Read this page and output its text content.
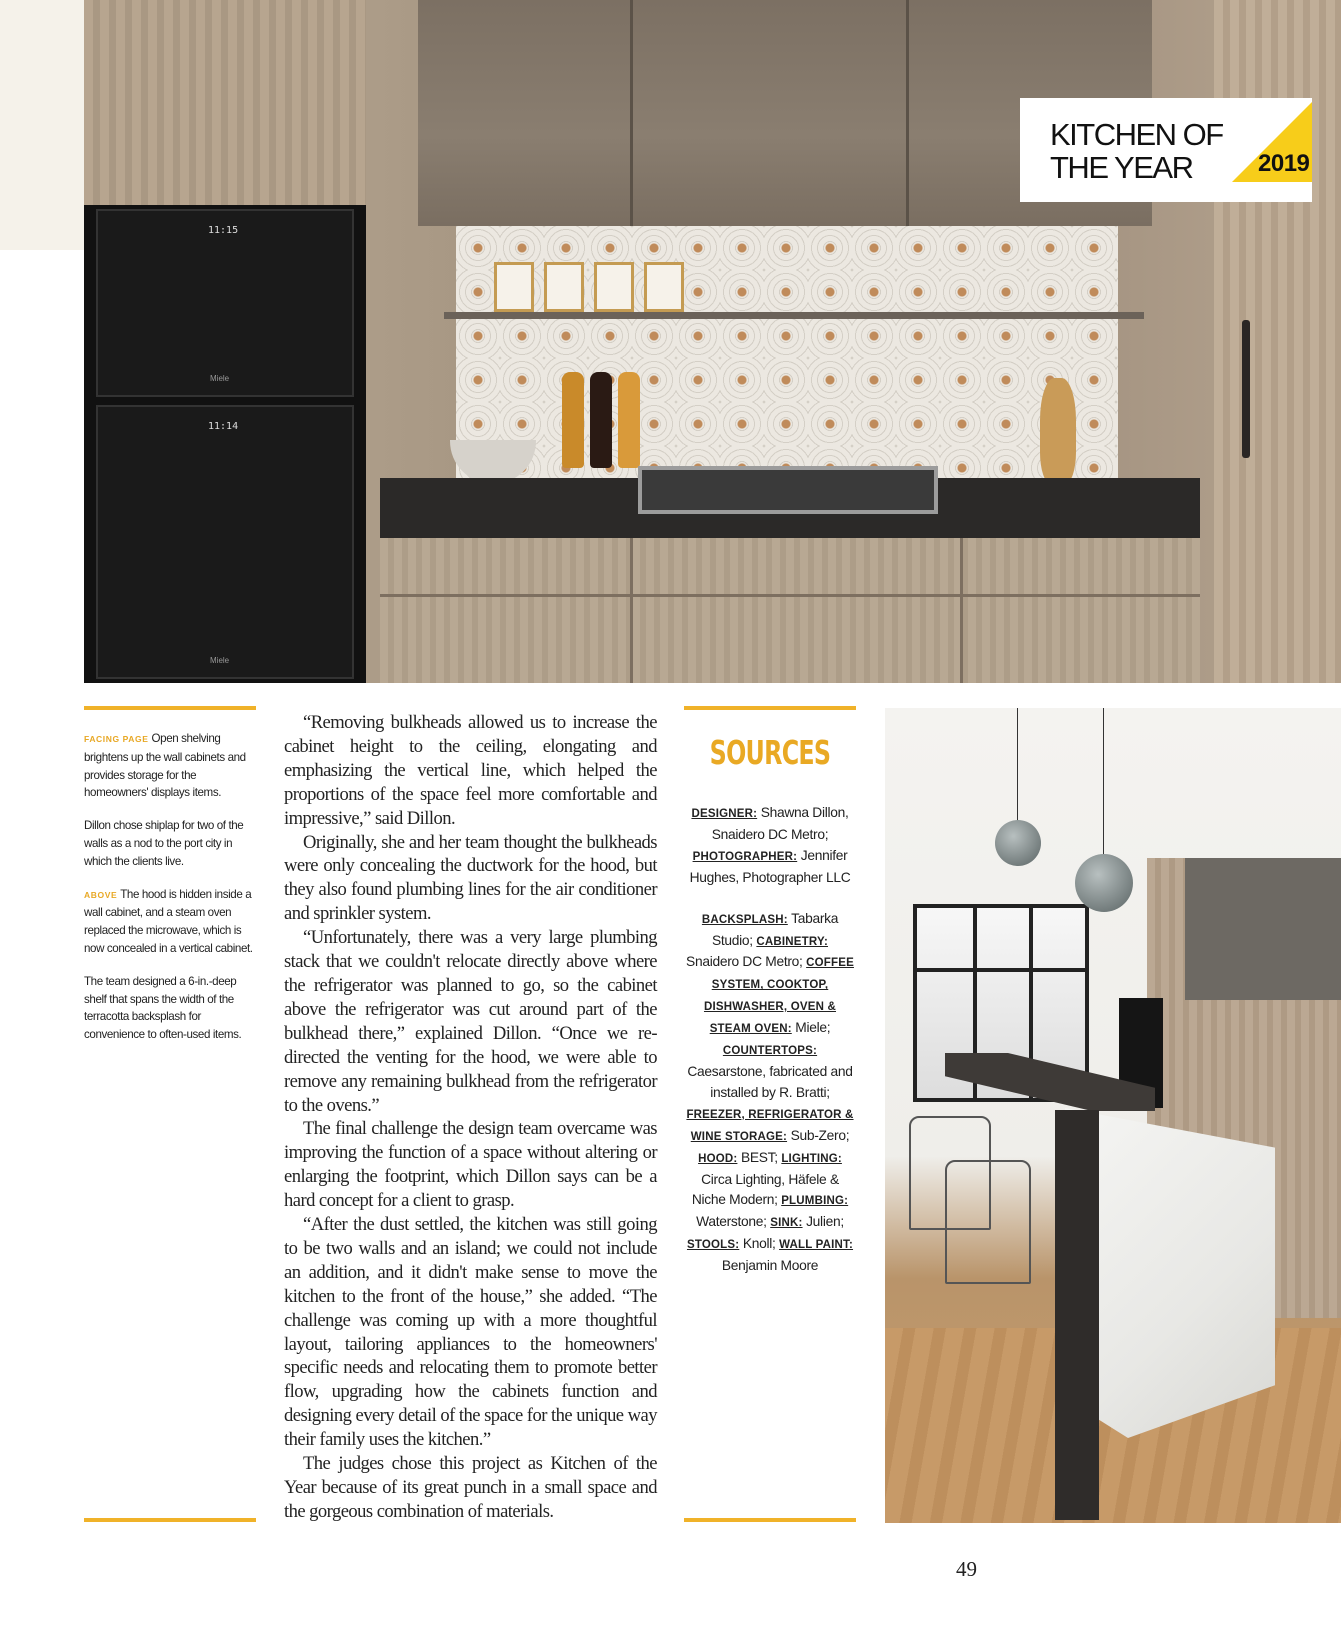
11:15
Miele
11:14
Miele
KITCHEN OF
THE YEAR	2019

FACING PAGE Open shelving brightens up the wall cabinets and provides storage for the homeowners' displays items.

Dillon chose shiplap for two of the walls as a nod to the port city in which the clients live.

ABOVE The hood is hidden inside a wall cabinet, and a steam oven replaced the microwave, which is now concealed in a vertical cabinet.

The team designed a 6-in.-deep shelf that spans the width of the terracotta backsplash for convenience to often-used items.

“Removing bulkheads allowed us to increase the cabinet height to the ceiling, elongating and emphasizing the vertical line, which helped the proportions of the space feel more comfortable and impressive,” said Dillon.

Originally, she and her team thought the bulkheads were only concealing the ductwork for the hood, but they also found plumbing lines for the air conditioner and sprinkler system.

“Unfortunately, there was a very large plumbing stack that we couldn't relocate directly above where the refrigerator was planned to go, so the cabinet above the refrigerator was cut around part of the bulkhead there,” explained Dillon. “Once we re-directed the venting for the hood, we were able to remove any remaining bulkhead from the refrigerator to the ovens.”

The final challenge the design team overcame was improving the function of a space without altering or enlarging the footprint, which Dillon says can be a hard concept for a client to grasp.

“After the dust settled, the kitchen was still going to be two walls and an island; we could not include an addition, and it didn't make sense to move the kitchen to the front of the house,” she added. “The challenge was coming up with a more thoughtful layout, tailoring appliances to the homeowners' specific needs and relocating them to promote better flow, upgrading how the cabinets function and designing every detail of the space for the unique way their family uses the kitchen.”

The judges chose this project as Kitchen of the Year because of its great punch in a small space and the gorgeous combination of materials.

SOURCES
DESIGNER: Shawna Dillon, Snaidero DC Metro; PHOTOGRAPHER: Jennifer Hughes, Photographer LLC
BACKSPLASH: Tabarka Studio; CABINETRY: Snaidero DC Metro; COFFEE SYSTEM, COOKTOP, DISHWASHER, OVEN & STEAM OVEN: Miele; COUNTERTOPS: Caesarstone, fabricated and installed by R. Bratti; FREEZER, REFRIGERATOR & WINE STORAGE: Sub-Zero; HOOD: BEST; LIGHTING: Circa Lighting, Häfele & Niche Modern; PLUMBING: Waterstone; SINK: Julien; STOOLS: Knoll; WALL PAINT: Benjamin Moore
49
